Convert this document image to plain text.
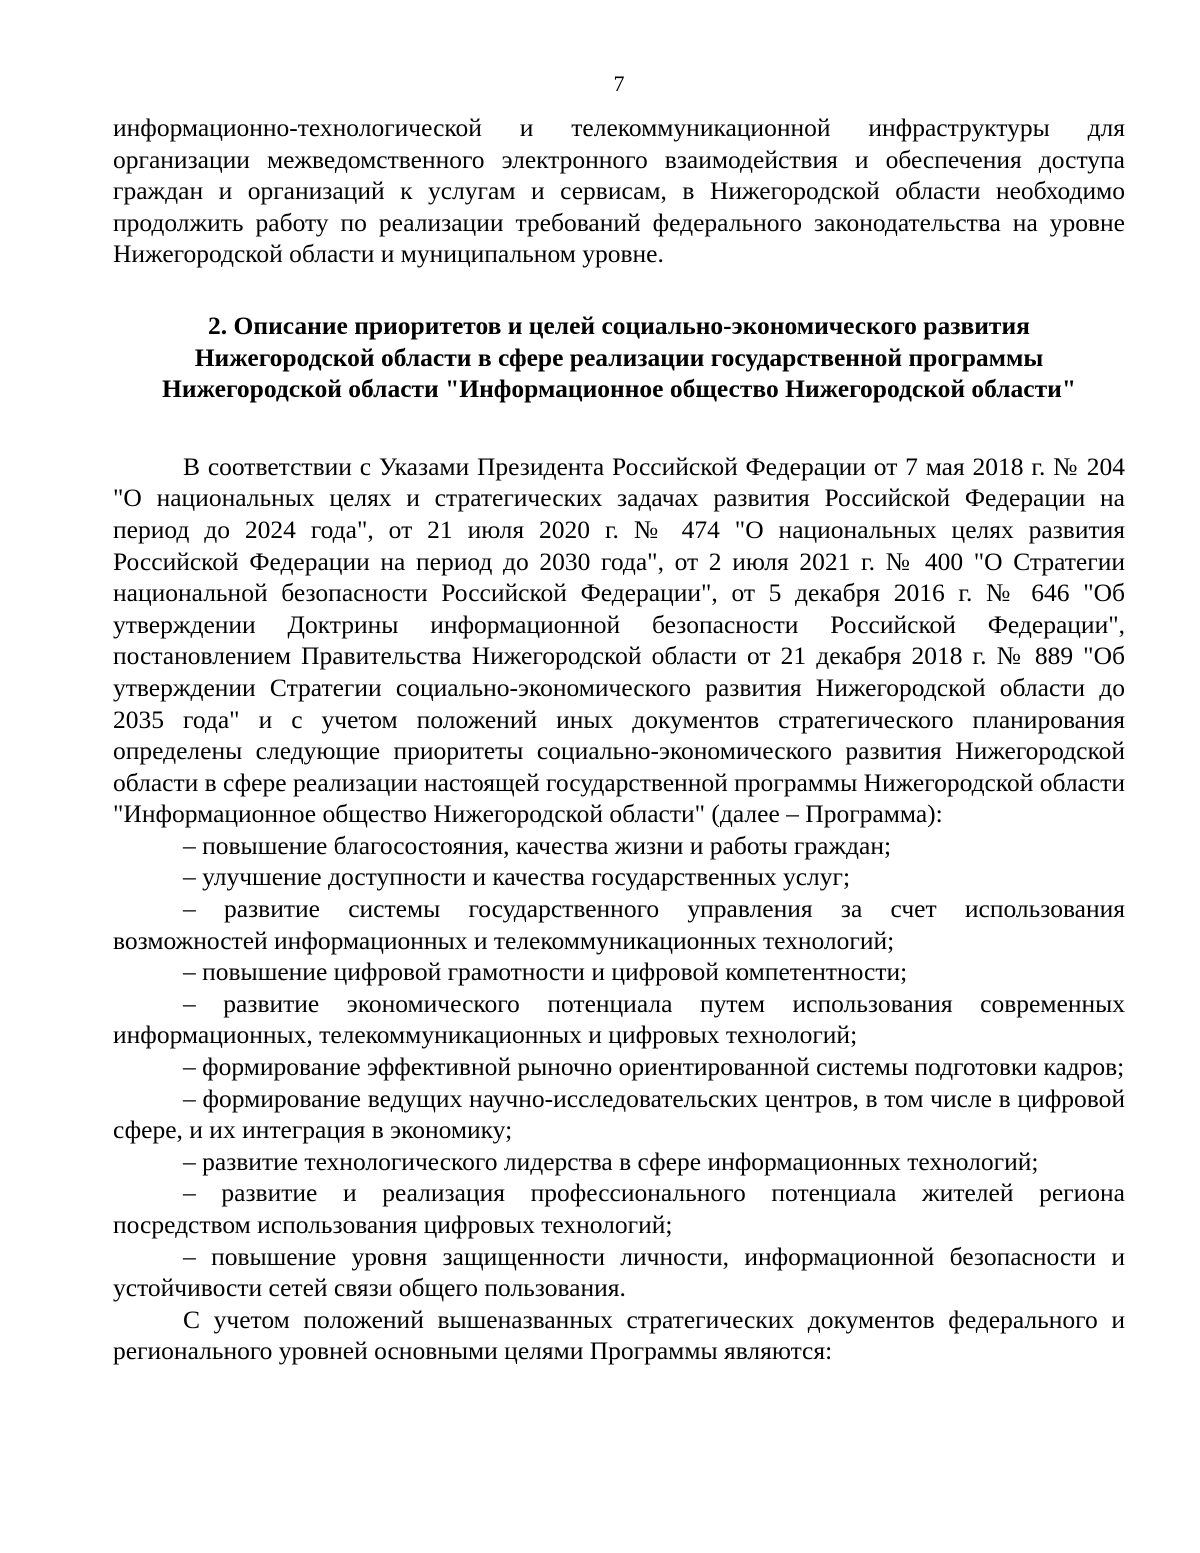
7

информационно-технологической и телекоммуникационной инфраструктуры для организации межведомственного электронного взаимодействия и обеспечения доступа граждан и организаций к услугам и сервисам, в Нижегородской области необходимо продолжить работу по реализации требований федерального законодательства на уровне Нижегородской области и муниципальном уровне.

2. Описание приоритетов и целей социально-экономического развития
Нижегородской области в сфере реализации государственной программы
Нижегородской области "Информационное общество Нижегородской области"

В соответствии с Указами Президента Российской Федерации от 7 мая 2018 г. № 204 "О национальных целях и стратегических задачах развития Российской Федерации на период до 2024 года", от 21 июля 2020 г. № 474 "О национальных целях развития Российской Федерации на период до 2030 года", от 2 июля 2021 г. № 400 "О Стратегии национальной безопасности Российской Федерации", от 5 декабря 2016 г. № 646 "Об утверждении Доктрины информационной безопасности Российской Федерации", постановлением Правительства Нижегородской области от 21 декабря 2018 г. № 889 "Об утверждении Стратегии социально-экономического развития Нижегородской области до 2035 года" и с учетом положений иных документов стратегического планирования определены следующие приоритеты социально-экономического развития Нижегородской области в сфере реализации настоящей государственной программы Нижегородской области "Информационное общество Нижегородской области" (далее – Программа):

– повышение благосостояния, качества жизни и работы граждан;

– улучшение доступности и качества государственных услуг;

– развитие системы государственного управления за счет использования возможностей информационных и телекоммуникационных технологий;

– повышение цифровой грамотности и цифровой компетентности;

– развитие экономического потенциала путем использования современных информационных, телекоммуникационных и цифровых технологий;

– формирование эффективной рыночно ориентированной системы подготовки кадров;

– формирование ведущих научно-исследовательских центров, в том числе в цифровой сфере, и их интеграция в экономику;

– развитие технологического лидерства в сфере информационных технологий;

– развитие и реализация профессионального потенциала жителей региона посредством использования цифровых технологий;

– повышение уровня защищенности личности, информационной безопасности и устойчивости сетей связи общего пользования.

С учетом положений вышеназванных стратегических документов федерального и регионального уровней основными целями Программы являются:
